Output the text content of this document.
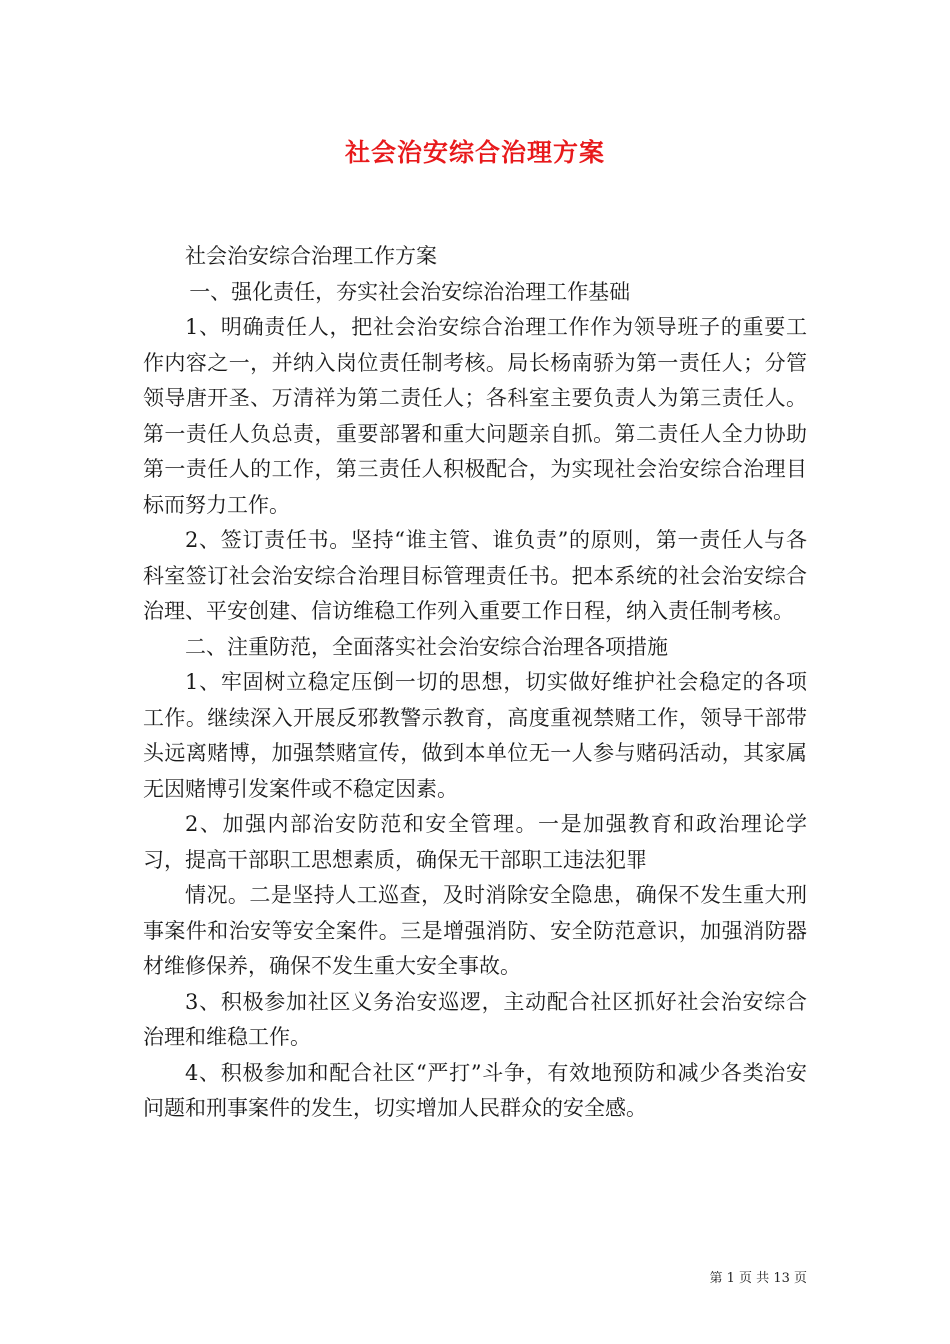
社会治安综合治理方案

社会治安综合治理工作方案

一、强化责任，夯实社会治安综治治理工作基础

1、明确责任人，把社会治安综合治理工作作为领导班子的重要工作内容之一，并纳入岗位责任制考核。局长杨南骄为第一责任人；分管领导唐开圣、万清祥为第二责任人；各科室主要负责人为第三责任人。第一责任人负总责，重要部署和重大问题亲自抓。第二责任人全力协助第一责任人的工作，第三责任人积极配合，为实现社会治安综合治理目标而努力工作。

2、签订责任书。坚持“谁主管、谁负责”的原则，第一责任人与各科室签订社会治安综合治理目标管理责任书。把本系统的社会治安综合治理、平安创建、信访维稳工作列入重要工作日程，纳入责任制考核。

二、注重防范，全面落实社会治安综合治理各项措施

1、牢固树立稳定压倒一切的思想，切实做好维护社会稳定的各项工作。继续深入开展反邪教警示教育，高度重视禁赌工作，领导干部带头远离赌博，加强禁赌宣传，做到本单位无一人参与赌码活动，其家属无因赌博引发案件或不稳定因素。

2、加强内部治安防范和安全管理。一是加强教育和政治理论学习，提高干部职工思想素质，确保无干部职工违法犯罪

情况。二是坚持人工巡查，及时消除安全隐患，确保不发生重大刑事案件和治安等安全案件。三是增强消防、安全防范意识，加强消防器材维修保养，确保不发生重大安全事故。

3、积极参加社区义务治安巡逻，主动配合社区抓好社会治安综合治理和维稳工作。

4、积极参加和配合社区“严打”斗争，有效地预防和减少各类治安问题和刑事案件的发生，切实增加人民群众的安全感。

第 1 页 共 13 页
